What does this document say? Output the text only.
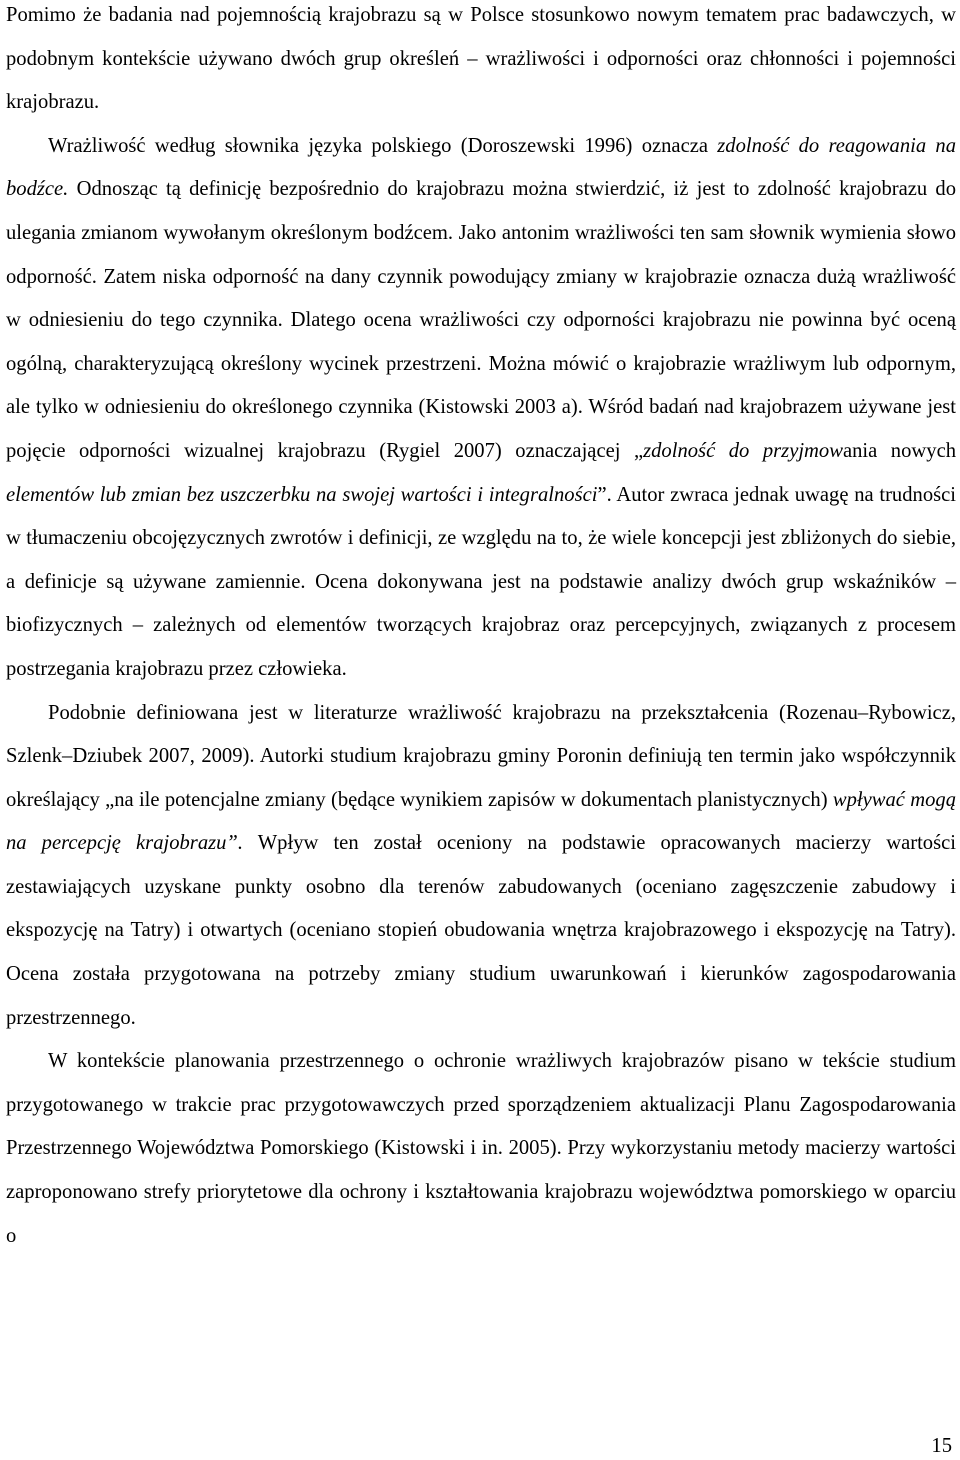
Pomimo że badania nad pojemnością krajobrazu są w Polsce stosunkowo nowym tematem prac badawczych, w podobnym kontekście używano dwóch grup określeń – wrażliwości i odporności oraz chłonności i pojemności krajobrazu.

Wrażliwość według słownika języka polskiego (Doroszewski 1996) oznacza zdolność do reagowania na bodźce. Odnosząc tą definicję bezpośrednio do krajobrazu można stwierdzić, iż jest to zdolność krajobrazu do ulegania zmianom wywołanym określonym bodźcem. Jako antonim wrażliwości ten sam słownik wymienia słowo odporność. Zatem niska odporność na dany czynnik powodujący zmiany w krajobrazie oznacza dużą wrażliwość w odniesieniu do tego czynnika. Dlatego ocena wrażliwości czy odporności krajobrazu nie powinna być oceną ogólną, charakteryzującą określony wycinek przestrzeni. Można mówić o krajobrazie wrażliwym lub odpornym, ale tylko w odniesieniu do określonego czynnika (Kistowski 2003 a). Wśród badań nad krajobrazem używane jest pojęcie odporności wizualnej krajobrazu (Rygiel 2007) oznaczającej „zdolność do przyjmowania nowych elementów lub zmian bez uszczerbku na swojej wartości i integralności”. Autor zwraca jednak uwagę na trudności w tłumaczeniu obcojęzycznych zwrotów i definicji, ze względu na to, że wiele koncepcji jest zbliżonych do siebie, a definicje są używane zamiennie. Ocena dokonywana jest na podstawie analizy dwóch grup wskaźników – biofizycznych – zależnych od elementów tworzących krajobraz oraz percepcyjnych, związanych z procesem postrzegania krajobrazu przez człowieka.

Podobnie definiowana jest w literaturze wrażliwość krajobrazu na przekształcenia (Rozenau–Rybowicz, Szlenk–Dziubek 2007, 2009). Autorki studium krajobrazu gminy Poronin definiują ten termin jako współczynnik określający „na ile potencjalne zmiany (będące wynikiem zapisów w dokumentach planistycznych) wpływać mogą na percepcję krajobrazu”. Wpływ ten został oceniony na podstawie opracowanych macierzy wartości zestawiających uzyskane punkty osobno dla terenów zabudowanych (oceniano zagęszczenie zabudowy i ekspozycję na Tatry) i otwartych (oceniano stopień obudowania wnętrza krajobrazowego i ekspozycję na Tatry). Ocena została przygotowana na potrzeby zmiany studium uwarunkowań i kierunków zagospodarowania przestrzennego.

W kontekście planowania przestrzennego o ochronie wrażliwych krajobrazów pisano w tekście studium przygotowanego w trakcie prac przygotowawczych przed sporządzeniem aktualizacji Planu Zagospodarowania Przestrzennego Województwa Pomorskiego (Kistowski i in. 2005). Przy wykorzystaniu metody macierzy wartości zaproponowano strefy priorytetowe dla ochrony i kształtowania krajobrazu województwa pomorskiego w oparciu o

15
